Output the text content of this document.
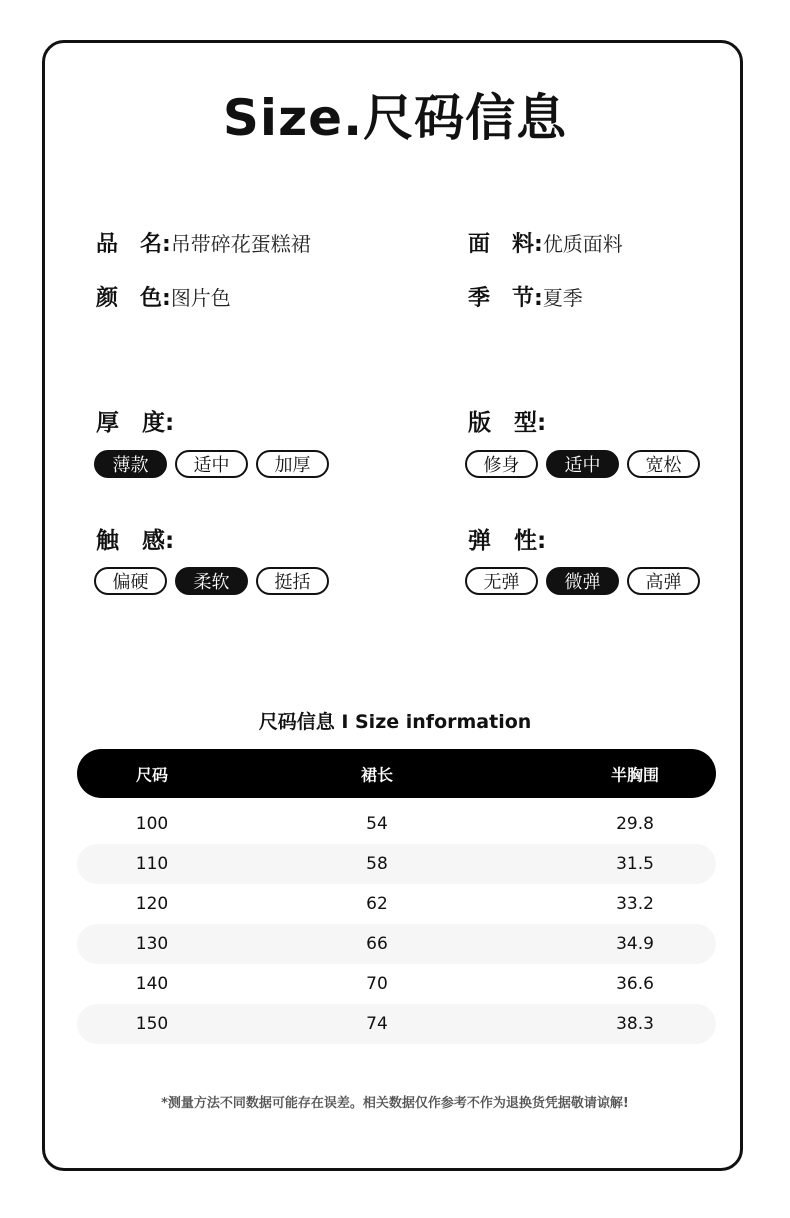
Size.尺码信息
品　名:吊带碎花蛋糕裙	面　料:优质面料
颜　色:图片色	季　节:夏季
厚　度:
薄款	适中	加厚
版　型:
修身	适中	宽松
触　感:
偏硬	柔软	挺括
弹　性:
无弹	微弹	高弹
尺码信息 I Size information
尺码	裙长	半胸围
100	54	29.8
110	58	31.5
120	62	33.2
130	66	34.9
140	70	36.6
150	74	38.3
*测量方法不同数据可能存在误差。相关数据仅作参考不作为退换货凭据敬请谅解!
